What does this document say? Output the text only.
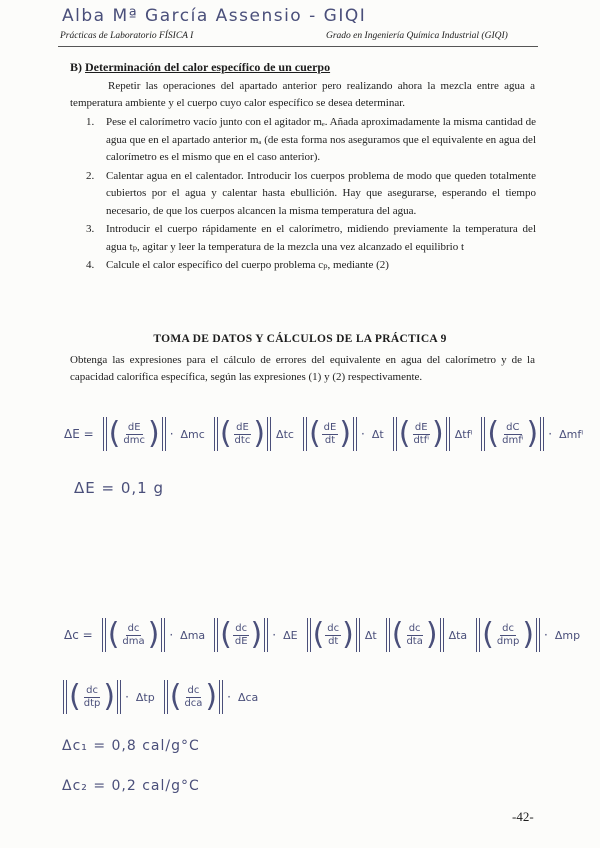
Alba Mª García Assensio - GIQI
Prácticas de Laboratorio FÍSICA I	Grado en Ingeniería Química Industrial (GIQI)
B) Determinación del calor específico de un cuerpo

Repetir las operaciones del apartado anterior pero realizando ahora la mezcla entre agua a temperatura ambiente y el cuerpo cuyo calor específico se desea determinar.

1. Pese el calorímetro vacío junto con el agitador mₑ. Añada aproximadamente la misma cantidad de agua que en el apartado anterior mₐ (de esta forma nos aseguramos que el equivalente en agua del calorímetro es el mismo que en el caso anterior).
2. Calentar agua en el calentador. Introducir los cuerpos problema de modo que queden totalmente cubiertos por el agua y calentar hasta ebullición. Hay que asegurarse, esperando el tiempo necesario, de que los cuerpos alcancen la misma temperatura del agua.
3. Introducir el cuerpo rápidamente en el calorímetro, midiendo previamente la temperatura del agua tₚ, agitar y leer la temperatura de la mezcla una vez alcanzado el equilibrio t
4. Calcule el calor específico del cuerpo problema cₚ, mediante (2)
TOMA DE DATOS Y CÁLCULOS DE LA PRÁCTICA 9

Obtenga las expresiones para el cálculo de errores del equivalente en agua del calorímetro y de la capacidad calorífica específica, según las expresiones (1) y (2) respectivamente.

ΔE = ( $\frac{dE}{\text{dmc}}$ ) · Δmc ( $\frac{dE}{\text{dtc}}$ ) Δtc ( $\frac{dE}{dt}$ ) · Δt ( $\frac{dE}{\text{dtfⁱ}}$ ) Δtfⁱ ( $\frac{dC}{\text{dmfⁱ}}$ ) · Δmfⁱ
ΔE = 0,1 g
Δc = ( $\frac{dc}{\text{dma}}$ ) · Δma ( $\frac{dc}{dE}$ ) · ΔE ( $\frac{dc}{dt}$ ) Δt ( $\frac{dc}{\text{dta}}$ ) Δta ( $\frac{dc}{\text{dmp}}$ ) · Δmp
( $\frac{dc}{\text{dtp}}$ ) · Δtp ( $\frac{dc}{\text{dca}}$ ) · Δca
Δc₁ = 0,8 cal/g°C
Δc₂ = 0,2 cal/g°C
-42-
